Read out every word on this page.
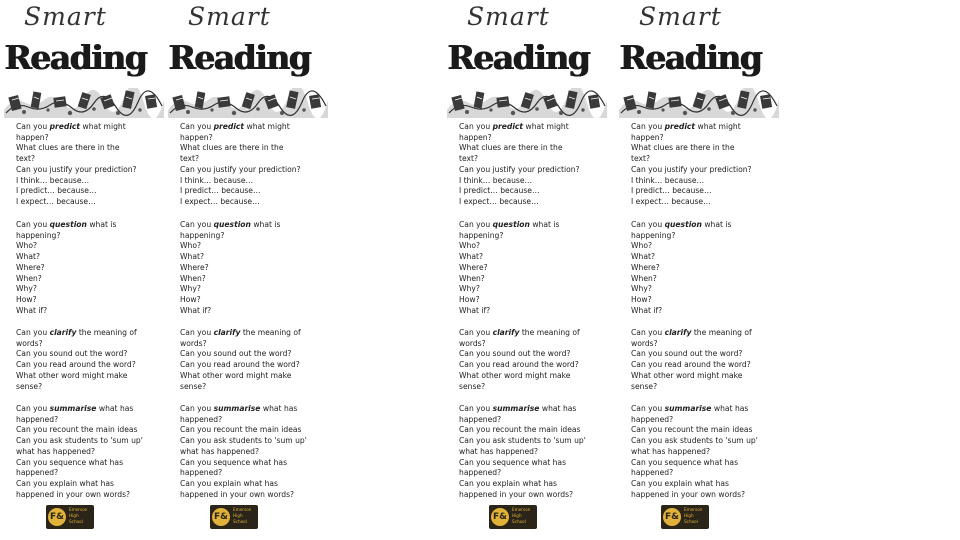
Smart
Reading
Can you predict what might
happen?
What clues are there in the
text?
Can you justify your prediction?
I think… because…
I predict… because…
I expect… because…
Can you question what is
happening?
Who?
What?
Where?
When?
Why?
How?
What if?
Can you clarify the meaning of
words?
Can you sound out the word?
Can you read around the word?
What other word might make
sense?
Can you summarise what has
happened?
Can you recount the main ideas
Can you ask students to 'sum up'
what has happened?
Can you sequence what has
happened?
Can you explain what has
happened in your own words?
F&
Emerson
High
School
Smart
Reading
Can you predict what might
happen?
What clues are there in the
text?
Can you justify your prediction?
I think… because…
I predict… because…
I expect… because…
Can you question what is
happening?
Who?
What?
Where?
When?
Why?
How?
What if?
Can you clarify the meaning of
words?
Can you sound out the word?
Can you read around the word?
What other word might make
sense?
Can you summarise what has
happened?
Can you recount the main ideas
Can you ask students to 'sum up'
what has happened?
Can you sequence what has
happened?
Can you explain what has
happened in your own words?
F&
Emerson
High
School
Smart
Reading
Can you predict what might
happen?
What clues are there in the
text?
Can you justify your prediction?
I think… because…
I predict… because…
I expect… because…
Can you question what is
happening?
Who?
What?
Where?
When?
Why?
How?
What if?
Can you clarify the meaning of
words?
Can you sound out the word?
Can you read around the word?
What other word might make
sense?
Can you summarise what has
happened?
Can you recount the main ideas
Can you ask students to 'sum up'
what has happened?
Can you sequence what has
happened?
Can you explain what has
happened in your own words?
F&
Emerson
High
School
Smart
Reading
Can you predict what might
happen?
What clues are there in the
text?
Can you justify your prediction?
I think… because…
I predict… because…
I expect… because…
Can you question what is
happening?
Who?
What?
Where?
When?
Why?
How?
What if?
Can you clarify the meaning of
words?
Can you sound out the word?
Can you read around the word?
What other word might make
sense?
Can you summarise what has
happened?
Can you recount the main ideas
Can you ask students to 'sum up'
what has happened?
Can you sequence what has
happened?
Can you explain what has
happened in your own words?
F&
Emerson
High
School
